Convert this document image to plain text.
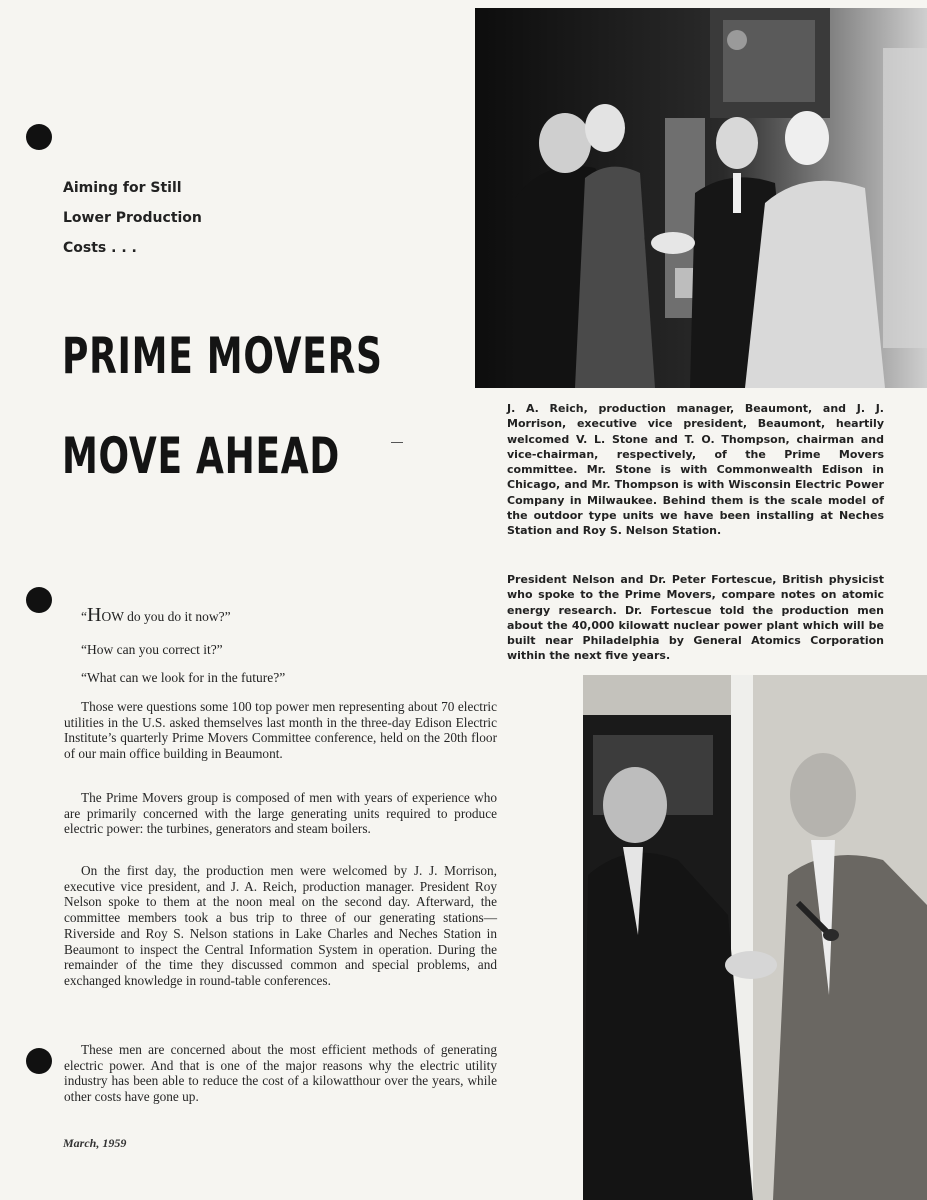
Aiming for Still
Lower Production
Costs . . .
PRIME MOVERS
MOVE AHEAD
J. A. Reich, production manager, Beaumont, and J. J. Morrison, executive vice president, Beaumont, heartily welcomed V. L. Stone and T. O. Thompson, chairman and vice-chairman, respectively, of the Prime Movers committee. Mr. Stone is with Commonwealth Edison in Chicago, and Mr. Thompson is with Wisconsin Electric Power Company in Milwaukee. Behind them is the scale model of the outdoor type units we have been installing at Neches Station and Roy S. Nelson Station.
President Nelson and Dr. Peter Fortescue, British physicist who spoke to the Prime Movers, compare notes on atomic energy research. Dr. Fortescue told the production men about the 40,000 kilowatt nuclear power plant which will be built near Philadelphia by General Atomics Corporation within the next five years.
“HOW do you do it now?”
“How can you correct it?”
“What can we look for in the future?”

Those were questions some 100 top power men representing about 70 electric utilities in the U.S. asked themselves last month in the three-day Edison Electric Institute’s quarterly Prime Movers Committee conference, held on the 20th floor of our main office building in Beaumont.

The Prime Movers group is composed of men with years of experience who are primarily concerned with the large generating units required to produce electric power: the turbines, generators and steam boilers.

On the first day, the production men were welcomed by J. J. Morrison, executive vice president, and J. A. Reich, production manager. President Roy Nelson spoke to them at the noon meal on the second day. Afterward, the committee members took a bus trip to three of our generating stations—Riverside and Roy S. Nelson stations in Lake Charles and Neches Station in Beaumont to inspect the Central Information System in operation. During the remainder of the time they discussed common and special problems, and exchanged knowledge in round-table conferences.

These men are concerned about the most efficient methods of generating electric power. And that is one of the major reasons why the electric utility industry has been able to reduce the cost of a kilowatthour over the years, while other costs have gone up.

March, 1959
